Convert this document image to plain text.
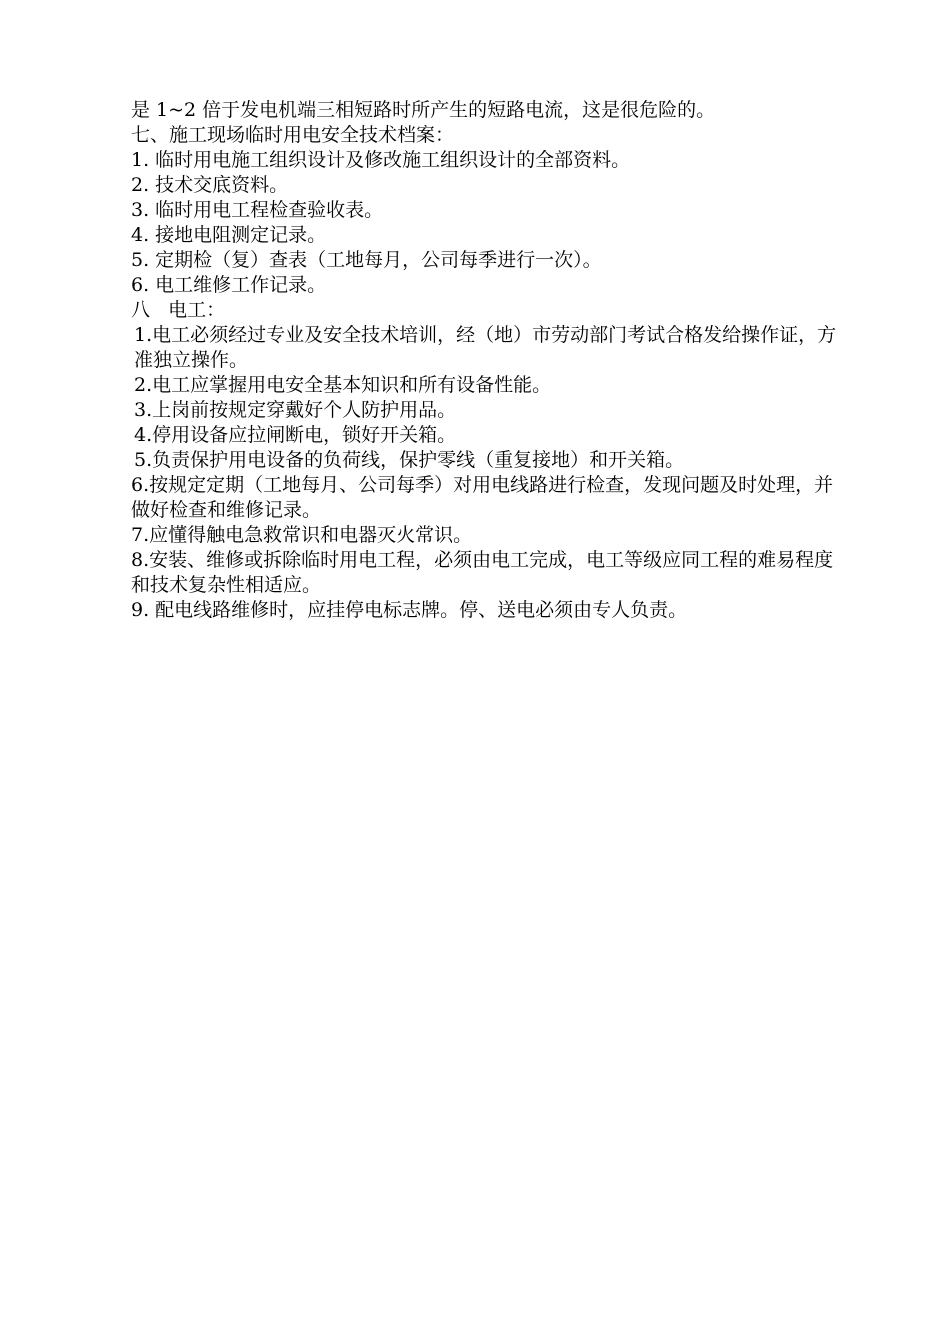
是 1~2 倍于发电机端三相短路时所产生的短路电流，这是很危险的。

七、施工现场临时用电安全技术档案：

1. 临时用电施工组织设计及修改施工组织设计的全部资料。

2. 技术交底资料。

3. 临时用电工程检查验收表。

4. 接地电阻测定记录。

5. 定期检（复）查表（工地每月，公司每季进行一次）。

6. 电工维修工作记录。

八   电工：

1.电工必须经过专业及安全技术培训，经（地）市劳动部门考试合格发给操作证，方准独立操作。

2.电工应掌握用电安全基本知识和所有设备性能。

3.上岗前按规定穿戴好个人防护用品。

4.停用设备应拉闸断电，锁好开关箱。

5.负责保护用电设备的负荷线，保护零线（重复接地）和开关箱。

6.按规定定期（工地每月、公司每季）对用电线路进行检查，发现问题及时处理，并做好检查和维修记录。

7.应懂得触电急救常识和电器灭火常识。

8.安装、维修或拆除临时用电工程，必须由电工完成，电工等级应同工程的难易程度和技术复杂性相适应。

9. 配电线路维修时，应挂停电标志牌。停、送电必须由专人负责。
